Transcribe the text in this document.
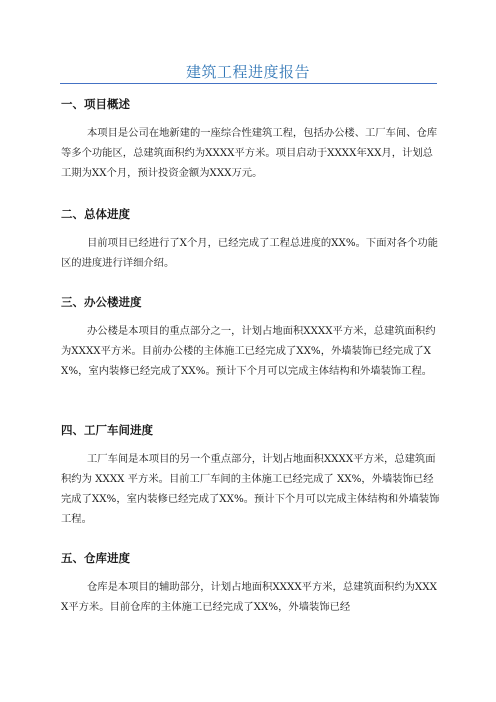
建筑工程进度报告

一、项目概述

本项目是公司在地新建的一座综合性建筑工程，包括办公楼、工厂车间、仓库等多个功能区，总建筑面积约为XXXX平方米。项目启动于XXXX年XX月，计划总工期为XX个月，预计投资金额为XXX万元。

二、总体进度

目前项目已经进行了X个月，已经完成了工程总进度的XX%。下面对各个功能区的进度进行详细介绍。

三、办公楼进度

办公楼是本项目的重点部分之一，计划占地面积XXXX平方米，总建筑面积约为XXXX平方米。目前办公楼的主体施工已经完成了XX%，外墙装饰已经完成了XX%，室内装修已经完成了XX%。预计下个月可以完成主体结构和外墙装饰工程。

四、工厂车间进度

工厂车间是本项目的另一个重点部分，计划占地面积XXXX平方米，总建筑面积约为 XXXX 平方米。目前工厂车间的主体施工已经完成了 XX%，外墙装饰已经完成了XX%，室内装修已经完成了XX%。预计下个月可以完成主体结构和外墙装饰工程。

五、仓库进度

仓库是本项目的辅助部分，计划占地面积XXXX平方米，总建筑面积约为XXXX平方米。目前仓库的主体施工已经完成了XX%，外墙装饰已经
